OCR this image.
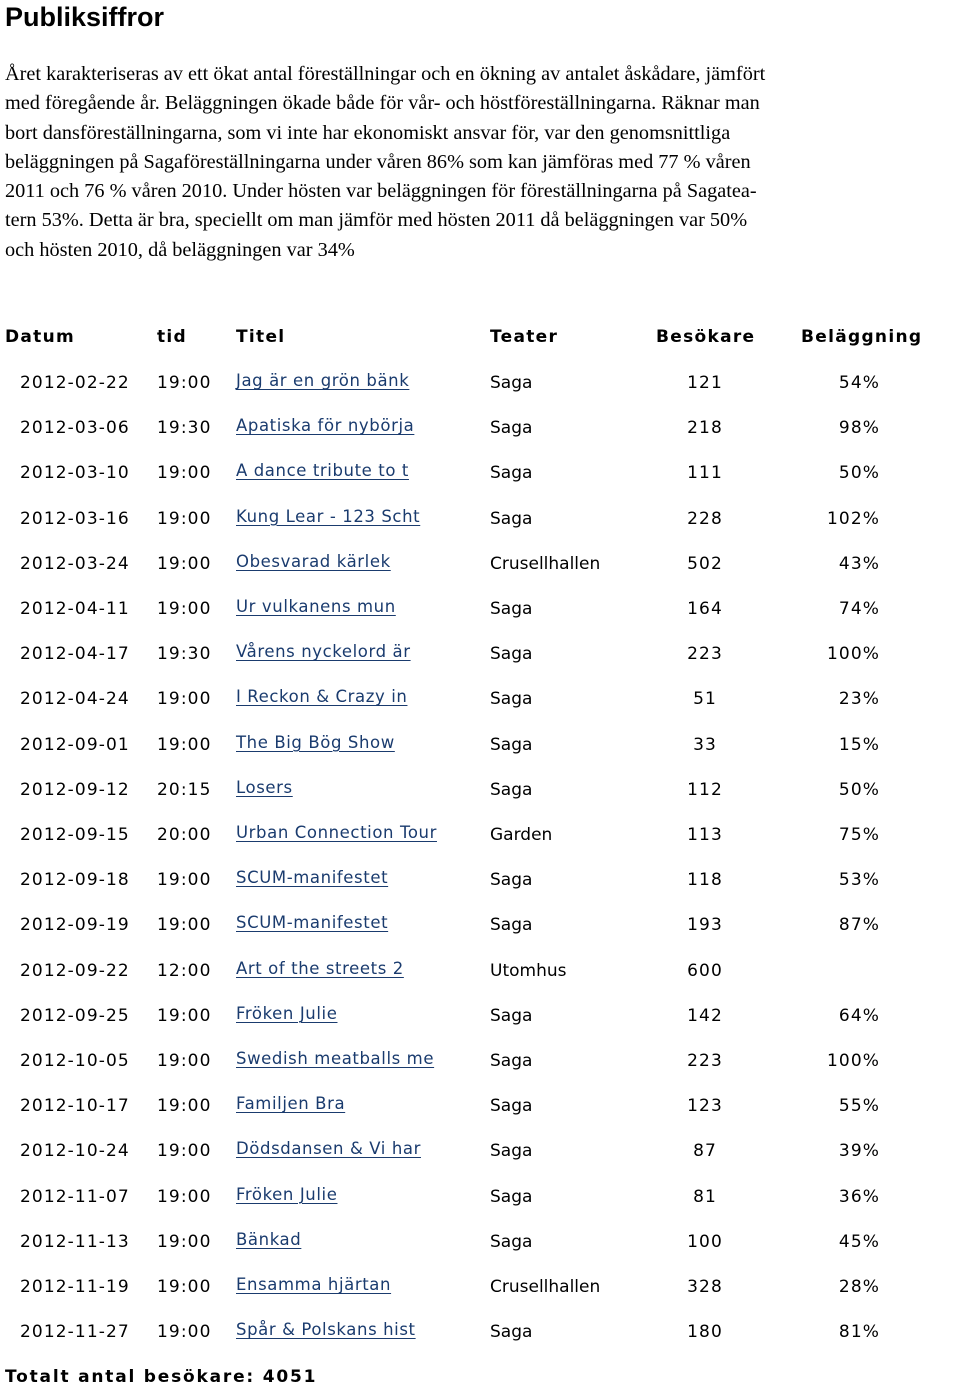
Publiksiffror
Året karakteriseras av ett ökat antal föreställningar och en ökning av antalet åskådare, jämfört
med föregående år. Beläggningen ökade både för vår- och höstföreställningarna. Räknar man
bort dansföreställningarna, som vi inte har ekonomiskt ansvar för, var den genomsnittliga
beläggningen på Sagaföreställningarna under våren 86% som kan jämföras med 77 % våren
2011 och 76 % våren 2010. Under hösten var beläggningen för föreställningarna på Sagatea-
tern 53%. Detta är bra, speciellt om man jämför med hösten 2011 då beläggningen var 50%
och hösten 2010, då beläggningen var 34%
Datum	tid	Titel	Teater	Besökare	Beläggning
2012-02-22 19:00 Jag är en grön bänk	Saga	121	54%
2012-03-06 19:30 Apatiska för nybörja	Saga	218	98%
2012-03-10 19:00 A dance tribute to t	Saga	111	50%
2012-03-16 19:00 Kung Lear - 123 Scht	Saga	228	102%
2012-03-24 19:00 Obesvarad kärlek	Crusellhallen	502	43%
2012-04-11 19:00 Ur vulkanens mun	Saga	164	74%
2012-04-17 19:30 Vårens nyckelord är	Saga	223	100%
2012-04-24 19:00 I Reckon & Crazy in	Saga	51	23%
2012-09-01 19:00 The Big Bög Show	Saga	33	15%
2012-09-12 20:15 Losers	Saga	112	50%
2012-09-15 20:00 Urban Connection Tour	Garden	113	75%
2012-09-18 19:00 SCUM-manifestet	Saga	118	53%
2012-09-19 19:00 SCUM-manifestet	Saga	193	87%
2012-09-22 12:00 Art of the streets 2	Utomhus	600
2012-09-25 19:00 Fröken Julie	Saga	142	64%
2012-10-05 19:00 Swedish meatballs me	Saga	223	100%
2012-10-17 19:00 Familjen Bra	Saga	123	55%
2012-10-24 19:00 Dödsdansen & Vi har	Saga	87	39%
2012-11-07 19:00 Fröken Julie	Saga	81	36%
2012-11-13 19:00 Bänkad	Saga	100	45%
2012-11-19 19:00 Ensamma hjärtan	Crusellhallen	328	28%
2012-11-27 19:00 Spår & Polskans hist	Saga	180	81%
Totalt antal besökare: 4051
